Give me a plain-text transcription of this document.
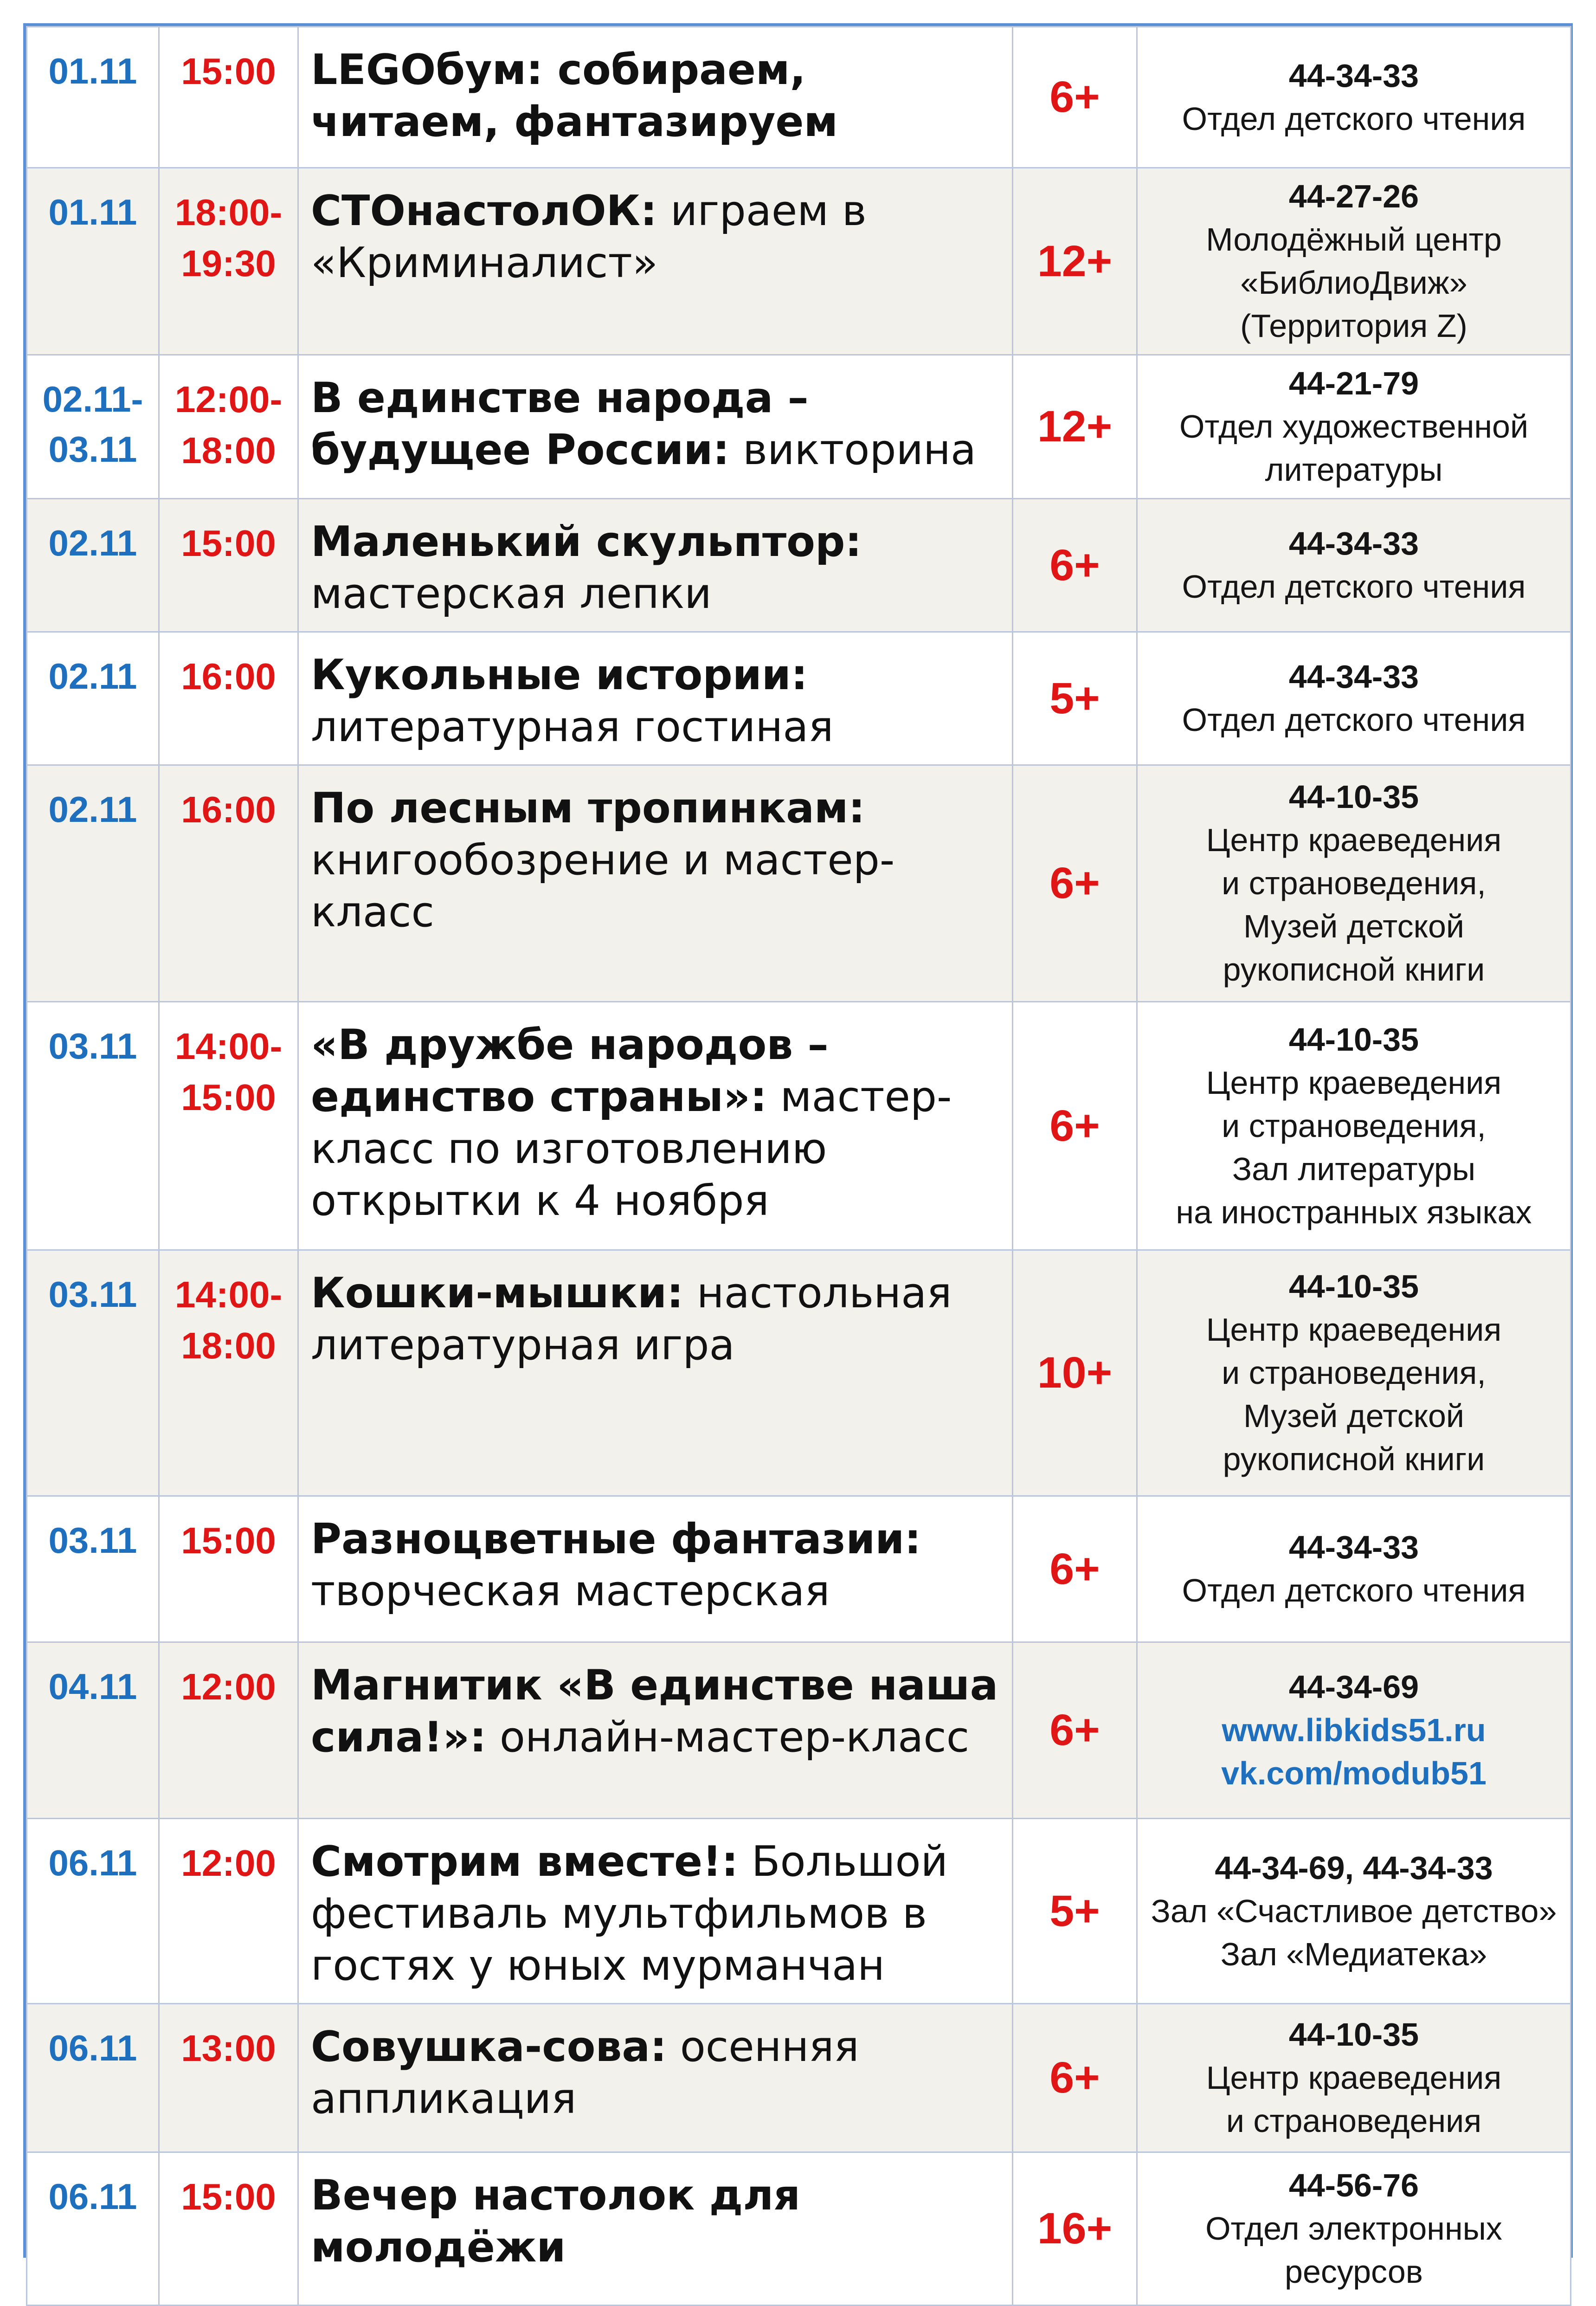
01.11	15:00	LEGOбум: собираем, читаем, фантазируем	6+	44-34-33
Отдел детского чтения

01.11	18:00-19:30	СТОнастолОК: играем в «Криминалист»	12+	44-27-26
Молодёжный центр
«БиблиоДвиж»
(Территория Z)

02.11-03.11	12:00-18:00	В единстве народа – будущее России: викторина	12+	44-21-79
Отдел художественной
литературы

02.11	15:00	Маленький скульптор: мастерская лепки	6+	44-34-33
Отдел детского чтения

02.11	16:00	Кукольные истории: литературная гостиная	5+	44-34-33
Отдел детского чтения

02.11	16:00	По лесным тропинкам: книгообозрение и мастер-класс	6+	44-10-35
Центр краеведения
и страноведения,
Музей детской
рукописной книги

03.11	14:00-15:00	«В дружбе народов – единство страны»: мастер-класс по изготовлению открытки к 4 ноября	6+	44-10-35
Центр краеведения
и страноведения,
Зал литературы
на иностранных языках

03.11	14:00-18:00	Кошки-мышки: настольная литературная игра	10+	44-10-35
Центр краеведения
и страноведения,
Музей детской
рукописной книги

03.11	15:00	Разноцветные фантазии: творческая мастерская	6+	44-34-33
Отдел детского чтения

04.11	12:00	Магнитик «В единстве наша сила!»: онлайн-мастер-класс	6+	44-34-69
www.libkids51.ru
vk.com/modub51

06.11	12:00	Смотрим вместе!: Большой фестиваль мультфильмов в гостях у юных мурманчан	5+	44-34-69, 44-34-33
Зал «Счастливое детство»
Зал «Медиатека»

06.11	13:00	Совушка-сова: осенняя аппликация	6+	44-10-35
Центр краеведения
и страноведения

06.11	15:00	Вечер настолок для молодёжи	16+	44-56-76
Отдел электронных
ресурсов
